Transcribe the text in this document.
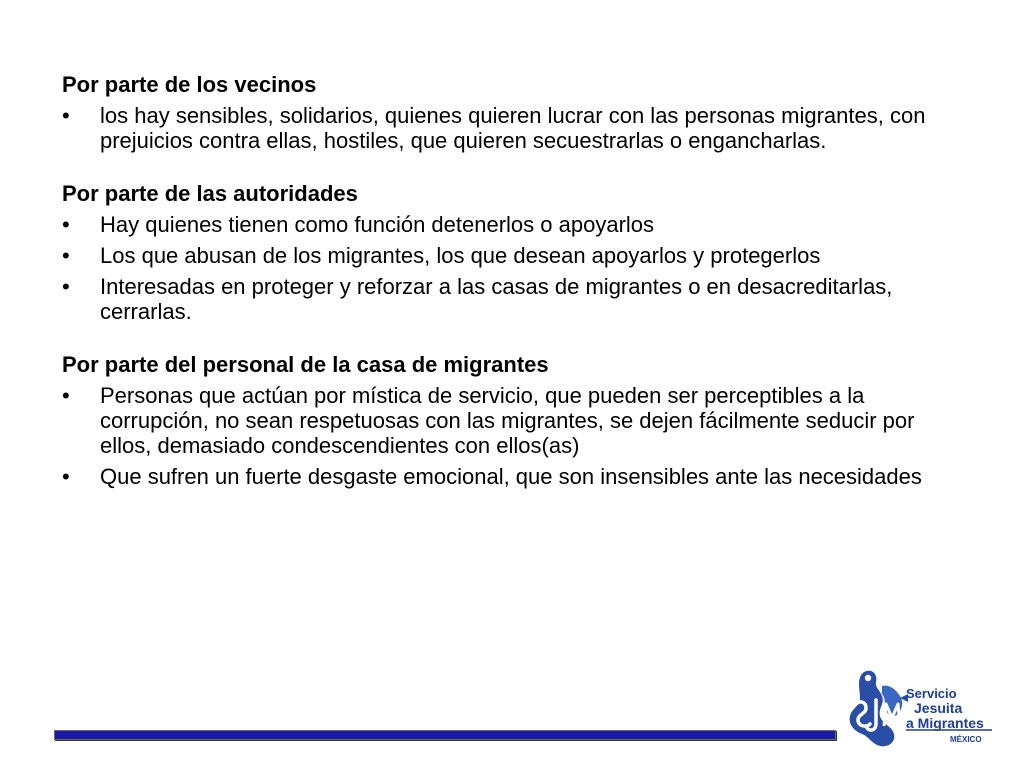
Por parte de los vecinos
• los hay sensibles, solidarios, quienes quieren lucrar con las personas migrantes, con prejuicios contra ellas, hostiles, que quieren secuestrarlas o engancharlas.
Por parte de las autoridades
• Hay quienes tienen como función detenerlos o apoyarlos
• Los que abusan de los migrantes, los que desean apoyarlos y protegerlos
• Interesadas en proteger y reforzar a las casas de migrantes o en desacreditarlas, cerrarlas.
Por parte del personal de la casa de migrantes
• Personas que actúan por mística de servicio, que pueden ser perceptibles a la corrupción, no sean respetuosas con las migrantes, se dejen fácilmente seducir por ellos, demasiado condescendientes con ellos(as)
• Que sufren un fuerte desgaste emocional, que son insensibles ante las necesidades
Servicio
Jesuita
a Migrantes
MÉXICO
